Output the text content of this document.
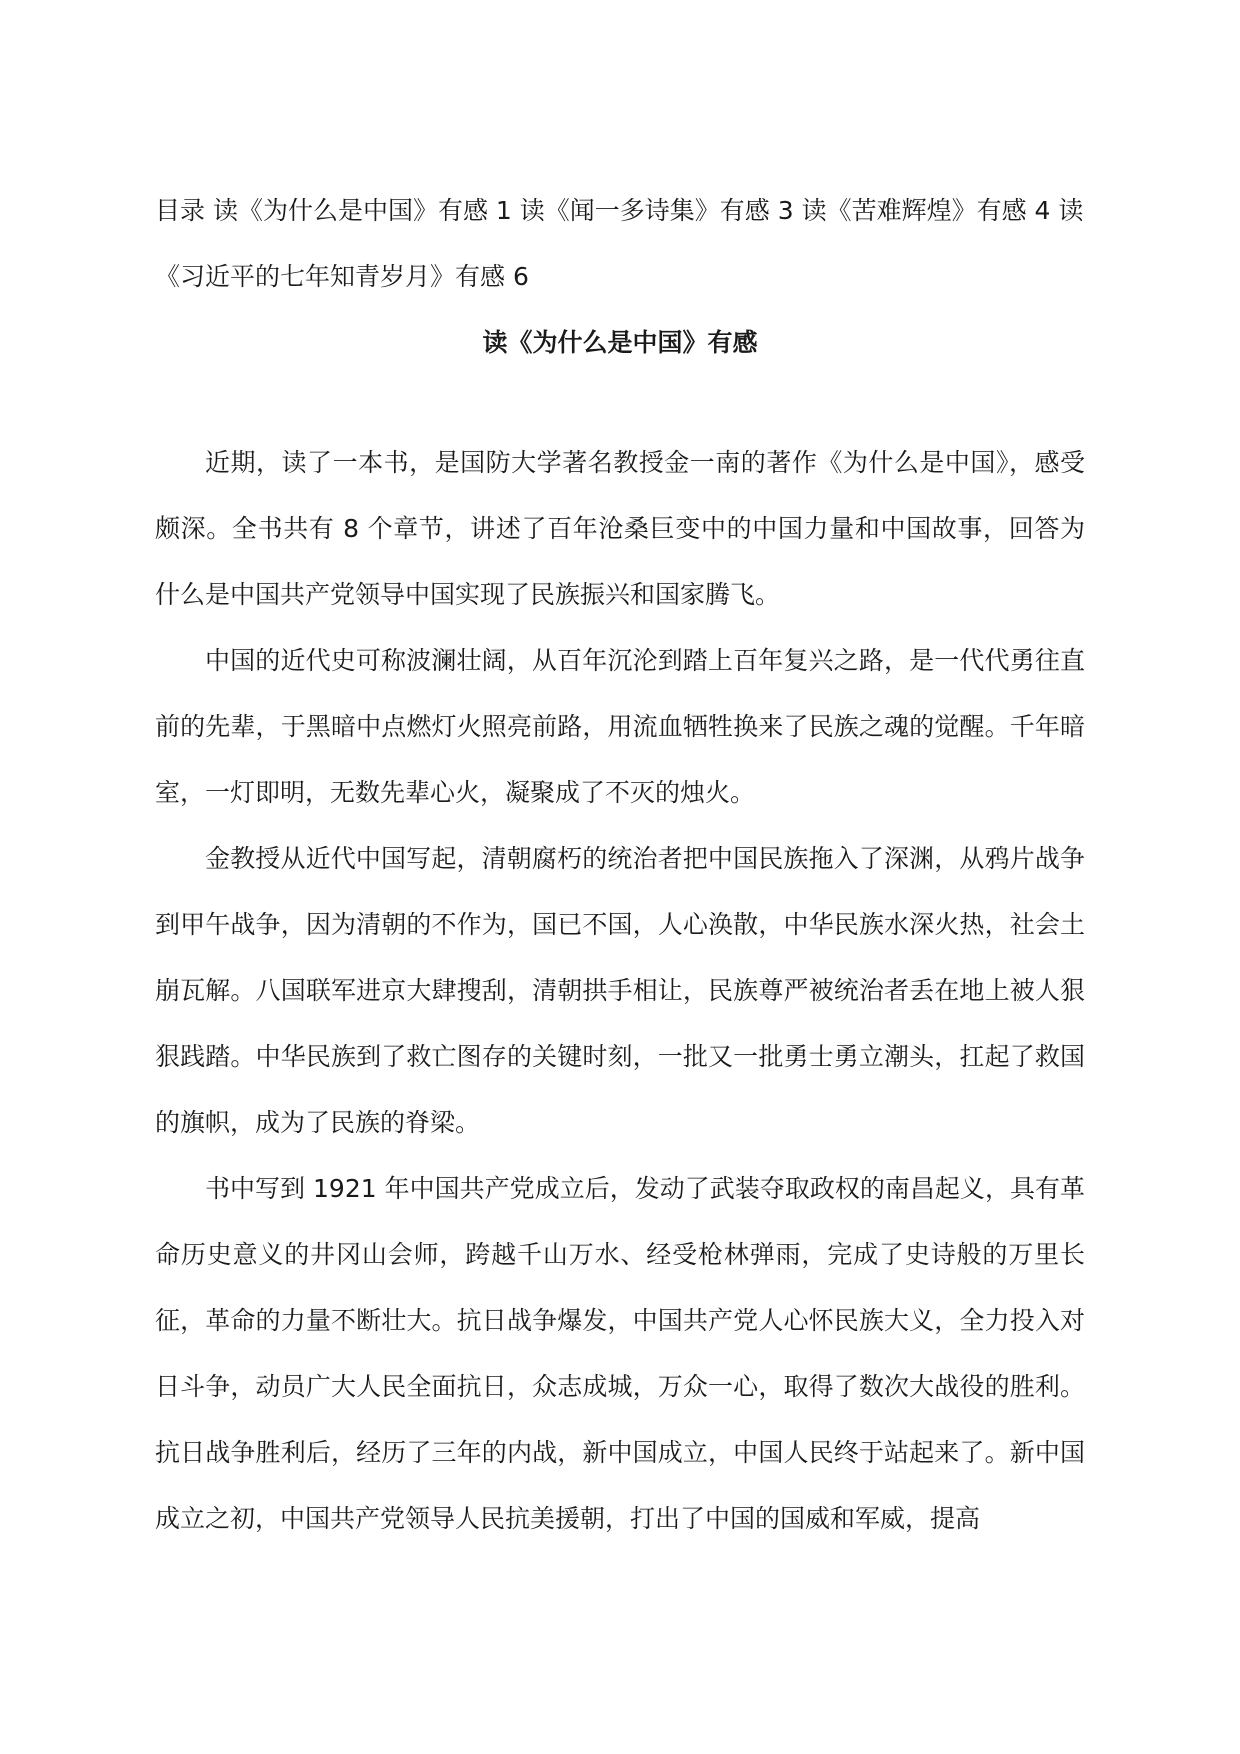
目录 读《为什么是中国》有感 1 读《闻一多诗集》有感 3 读《苦难辉煌》有感 4 读《习近平的七年知青岁月》有感 6

读《为什么是中国》有感

近期，读了一本书，是国防大学著名教授金一南的著作《为什么是中国》，感受颇深。全书共有 8 个章节，讲述了百年沧桑巨变中的中国力量和中国故事，回答为什么是中国共产党领导中国实现了民族振兴和国家腾飞。

中国的近代史可称波澜壮阔，从百年沉沦到踏上百年复兴之路，是一代代勇往直前的先辈，于黑暗中点燃灯火照亮前路，用流血牺牲换来了民族之魂的觉醒。千年暗室，一灯即明，无数先辈心火，凝聚成了不灭的烛火。

金教授从近代中国写起，清朝腐朽的统治者把中国民族拖入了深渊，从鸦片战争到甲午战争，因为清朝的不作为，国已不国，人心涣散，中华民族水深火热，社会土崩瓦解。八国联军进京大肆搜刮，清朝拱手相让，民族尊严被统治者丢在地上被人狠狠践踏。中华民族到了救亡图存的关键时刻，一批又一批勇士勇立潮头，扛起了救国的旗帜，成为了民族的脊梁。

书中写到 1921 年中国共产党成立后，发动了武装夺取政权的南昌起义，具有革命历史意义的井冈山会师，跨越千山万水、经受枪林弹雨，完成了史诗般的万里长征，革命的力量不断壮大。抗日战争爆发，中国共产党人心怀民族大义，全力投入对日斗争，动员广大人民全面抗日，众志成城，万众一心，取得了数次大战役的胜利。抗日战争胜利后，经历了三年的内战，新中国成立，中国人民终于站起来了。新中国成立之初，中国共产党领导人民抗美援朝，打出了中国的国威和军威，提高
